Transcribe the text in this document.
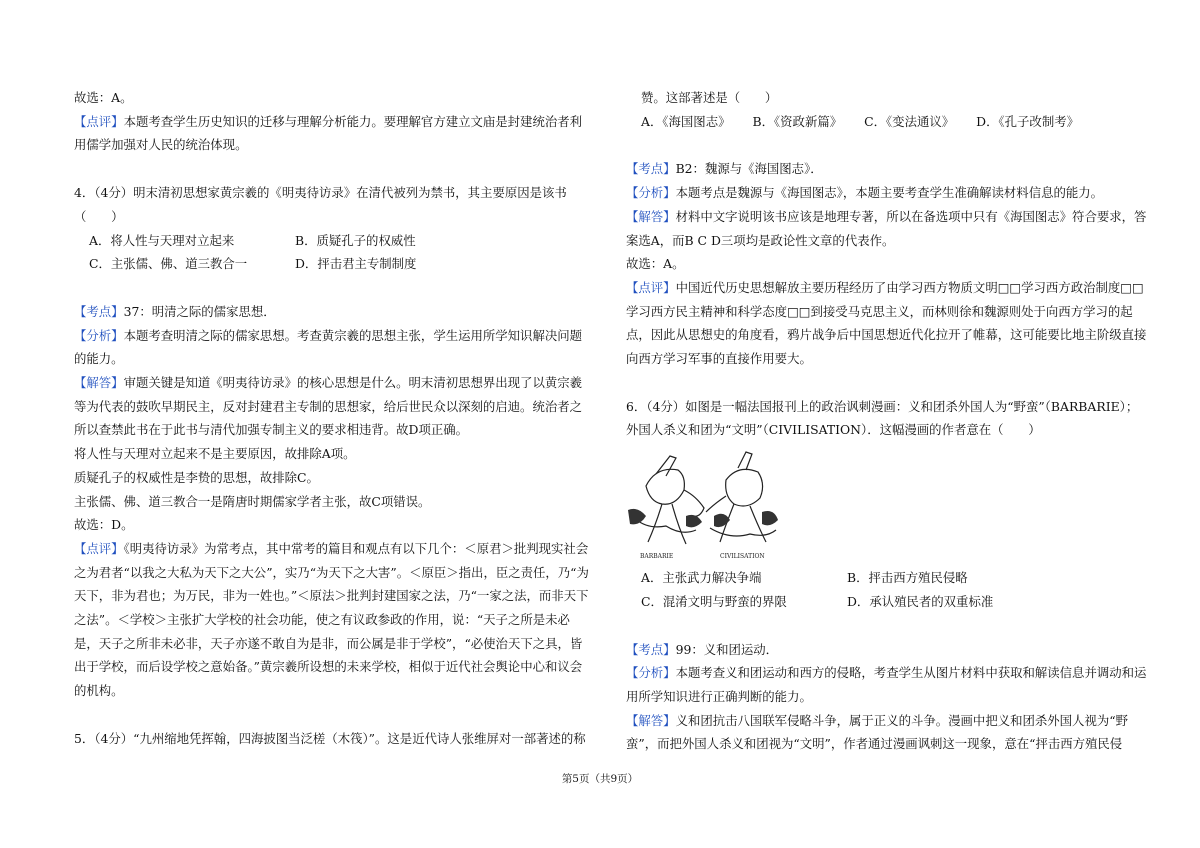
故选：A。

【点评】本题考查学生历史知识的迁移与理解分析能力。要理解官方建立文庙是封建统治者利用儒学加强对人民的统治体现。

4．（4分）明末清初思想家黄宗羲的《明夷待访录》在清代被列为禁书，其主要原因是该书（　　）

A．将人性与天理对立起来	B．质疑孔子的权威性
C．主张儒、佛、道三教合一	D．抨击君主专制制度

【考点】37：明清之际的儒家思想．

【分析】本题考查明清之际的儒家思想。考查黄宗羲的思想主张，学生运用所学知识解决问题的能力。

【解答】审题关键是知道《明夷待访录》的核心思想是什么。明末清初思想界出现了以黄宗羲等为代表的鼓吹早期民主，反对封建君主专制的思想家，给后世民众以深刻的启迪。统治者之所以查禁此书在于此书与清代加强专制主义的要求相违背。故D项正确。

将人性与天理对立起来不是主要原因，故排除A项。

质疑孔子的权威性是李贽的思想，故排除C。

主张儒、佛、道三教合一是隋唐时期儒家学者主张，故C项错误。

故选：D。

【点评】《明夷待访录》为常考点，其中常考的篇目和观点有以下几个：＜原君＞批判现实社会之为君者“以我之大私为天下之大公”，实乃“为天下之大害”。＜原臣＞指出，臣之责任，乃“为天下，非为君也；为万民，非为一姓也。”＜原法＞批判封建国家之法，乃“一家之法，而非天下之法”。＜学校＞主张扩大学校的社会功能，使之有议政参政的作用，说：“天子之所是未必是，天子之所非未必非，天子亦遂不敢自为是非，而公属是非于学校”，“必使治天下之具，皆出于学校，而后设学校之意始备。”黄宗羲所设想的未来学校，相似于近代社会舆论中心和议会的机构。

5．（4分）“九州缩地凭挥翰，四海披图当泛槎（木筏）”。这是近代诗人张维屏对一部著述的称

赞。这部著述是（　　）

A．《海国图志》 B．《资政新篇》 C．《变法通议》 D．《孔子改制考》

【考点】B2：魏源与《海国图志》．

【分析】本题考点是魏源与《海国图志》，本题主要考查学生准确解读材料信息的能力。

【解答】材料中文字说明该书应该是地理专著，所以在备选项中只有《海国图志》符合要求，答案选A，而B C D三项均是政论性文章的代表作。

故选：A。

【点评】中国近代历史思想解放主要历程经历了由学习西方物质文明□□学习西方政治制度□□学习西方民主精神和科学态度□□到接受马克思主义，而林则徐和魏源则处于向西方学习的起点，因此从思想史的角度看，鸦片战争后中国思想近代化拉开了帷幕，这可能要比地主阶级直接向西方学习军事的直接作用要大。

6．（4分）如图是一幅法国报刊上的政治讽刺漫画：义和团杀外国人为“野蛮”（BARBARIE）；外国人杀义和团为“文明”（CIVILISATION）．这幅漫画的作者意在（　　）

BARBARIE	CIVILISATION
A．主张武力解决争端	B．抨击西方殖民侵略
C．混淆文明与野蛮的界限	D．承认殖民者的双重标准

【考点】99：义和团运动．

【分析】本题考查义和团运动和西方的侵略，考查学生从图片材料中获取和解读信息并调动和运用所学知识进行正确判断的能力。

【解答】义和团抗击八国联军侵略斗争，属于正义的斗争。漫画中把义和团杀外国人视为“野蛮”，而把外国人杀义和团视为“文明”，作者通过漫画讽刺这一现象，意在“抨击西方殖民侵

第5页（共9页）
